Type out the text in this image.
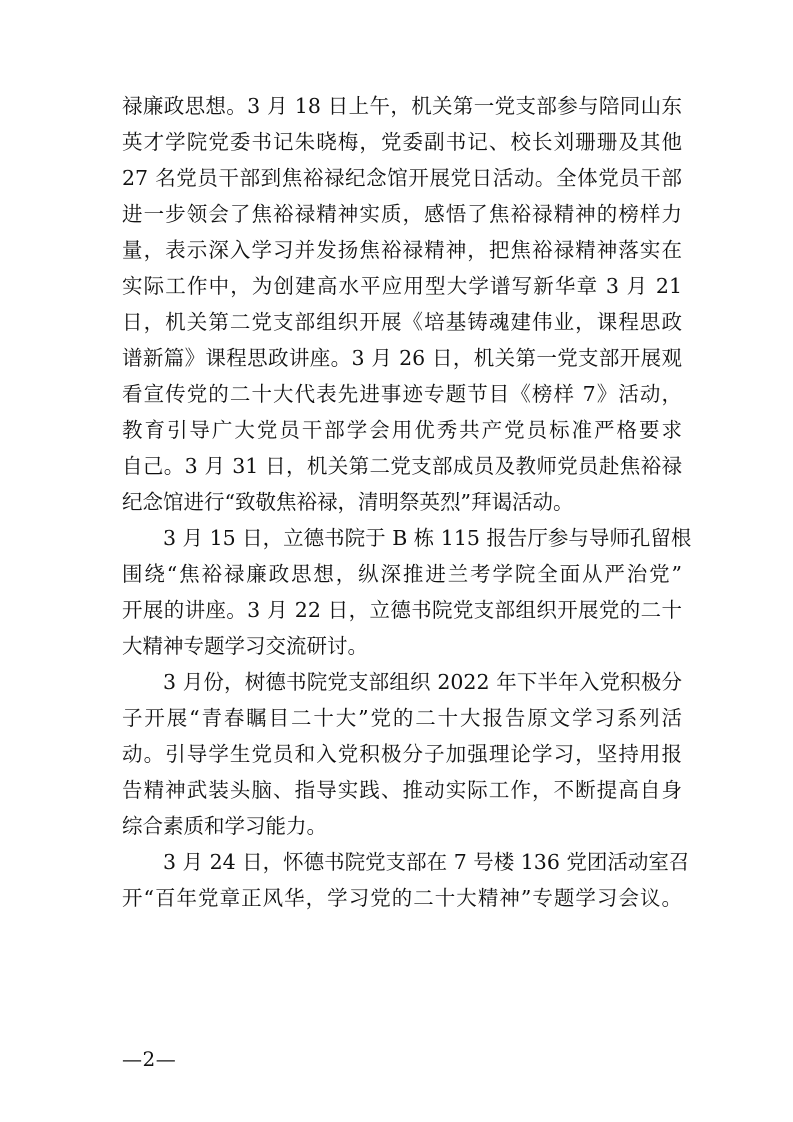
禄廉政思想。3 月 18 日上午，机关第一党支部参与陪同山东
英才学院党委书记朱晓梅，党委副书记、校长刘珊珊及其他
27 名党员干部到焦裕禄纪念馆开展党日活动。全体党员干部
进一步领会了焦裕禄精神实质，感悟了焦裕禄精神的榜样力
量，表示深入学习并发扬焦裕禄精神，把焦裕禄精神落实在
实际工作中，为创建高水平应用型大学谱写新华章 3 月 21
日，机关第二党支部组织开展《培基铸魂建伟业，课程思政
谱新篇》课程思政讲座。3 月 26 日，机关第一党支部开展观
看宣传党的二十大代表先进事迹专题节目《榜样 7》活动，
教育引导广大党员干部学会用优秀共产党员标准严格要求
自己。3 月 31 日，机关第二党支部成员及教师党员赴焦裕禄
纪念馆进行“致敬焦裕禄，清明祭英烈”拜谒活动。
3 月 15 日，立德书院于 B 栋 115 报告厅参与导师孔留根
围绕“焦裕禄廉政思想，纵深推进兰考学院全面从严治党”
开展的讲座。3 月 22 日，立德书院党支部组织开展党的二十
大精神专题学习交流研讨。
3 月份，树德书院党支部组织 2022 年下半年入党积极分
子开展“青春瞩目二十大”党的二十大报告原文学习系列活
动。引导学生党员和入党积极分子加强理论学习，坚持用报
告精神武装头脑、指导实践、推动实际工作，不断提高自身
综合素质和学习能力。
3 月 24 日，怀德书院党支部在 7 号楼 136 党团活动室召
开“百年党章正风华，学习党的二十大精神”专题学习会议。
—2—
